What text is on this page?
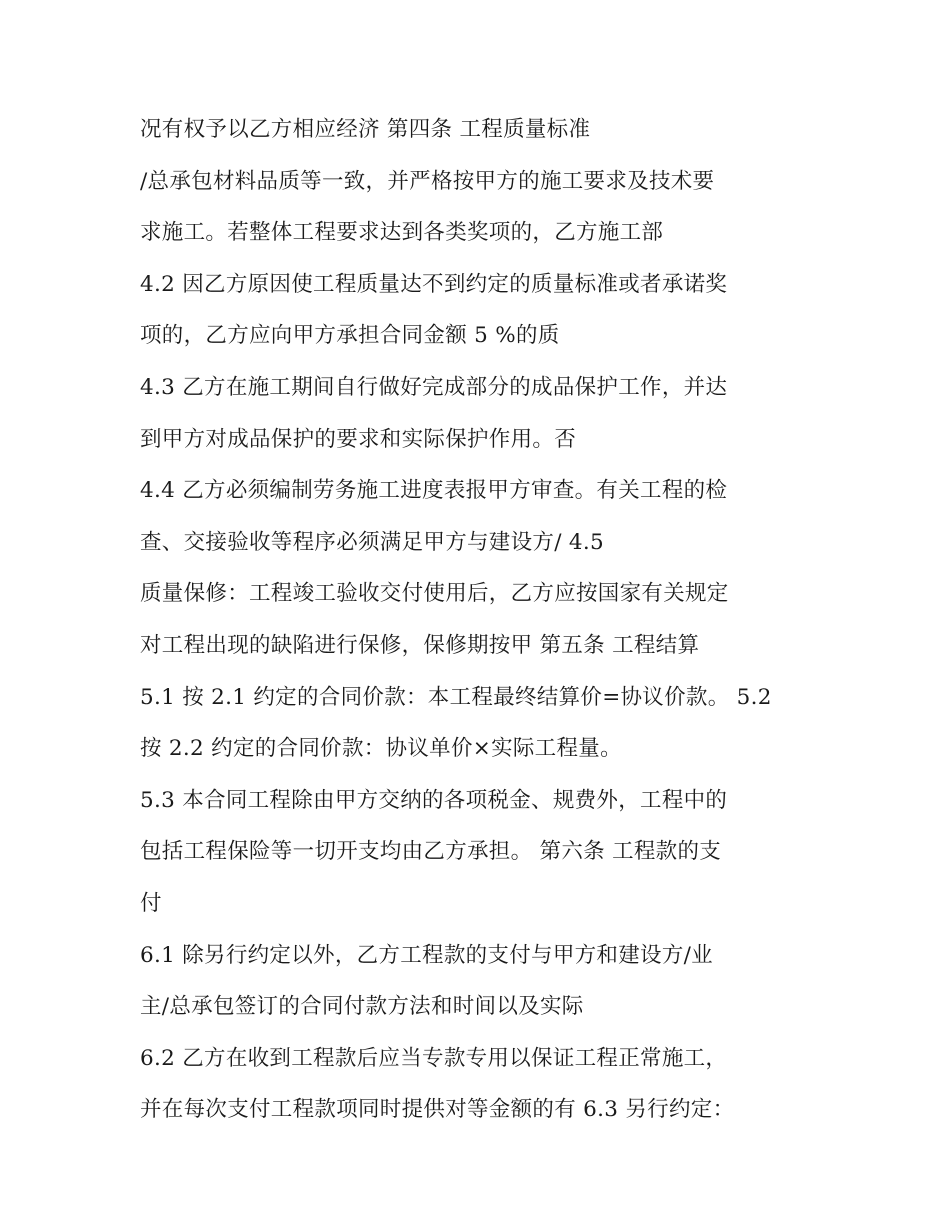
况有权予以乙方相应经济 第四条 工程质量标准
/总承包材料品质等一致，并严格按甲方的施工要求及技术要
求施工。若整体工程要求达到各类奖项的，乙方施工部
4.2 因乙方原因使工程质量达不到约定的质量标准或者承诺奖
项的，乙方应向甲方承担合同金额 5 %的质
4.3 乙方在施工期间自行做好完成部分的成品保护工作，并达
到甲方对成品保护的要求和实际保护作用。否
4.4 乙方必须编制劳务施工进度表报甲方审查。有关工程的检
查、交接验收等程序必须满足甲方与建设方/ 4.5
质量保修：工程竣工验收交付使用后，乙方应按国家有关规定
对工程出现的缺陷进行保修，保修期按甲 第五条 工程结算
5.1 按 2.1 约定的合同价款：本工程最终结算价=协议价款。 5.2
按 2.2 约定的合同价款：协议单价×实际工程量。
5.3 本合同工程除由甲方交纳的各项税金、规费外，工程中的
包括工程保险等一切开支均由乙方承担。 第六条 工程款的支
付
6.1 除另行约定以外，乙方工程款的支付与甲方和建设方/业
主/总承包签订的合同付款方法和时间以及实际
6.2 乙方在收到工程款后应当专款专用以保证工程正常施工，
并在每次支付工程款项同时提供对等金额的有 6.3 另行约定：
